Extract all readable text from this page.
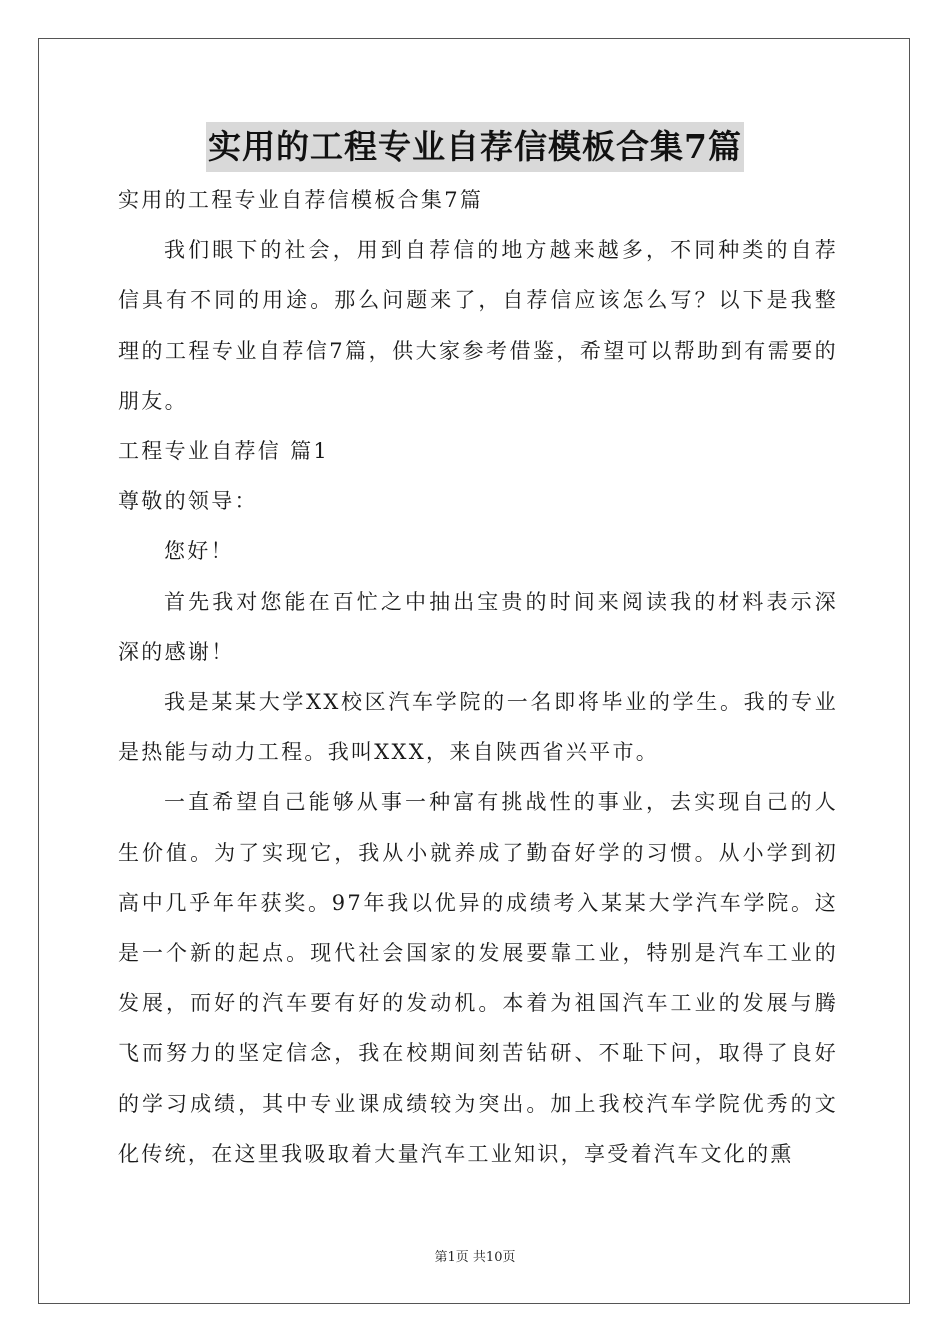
实用的工程专业自荐信模板合集7篇

实用的工程专业自荐信模板合集7篇

我们眼下的社会，用到自荐信的地方越来越多，不同种类的自荐信具有不同的用途。那么问题来了，自荐信应该怎么写？以下是我整理的工程专业自荐信7篇，供大家参考借鉴，希望可以帮助到有需要的朋友。

工程专业自荐信 篇1

尊敬的领导：

您好！

首先我对您能在百忙之中抽出宝贵的时间来阅读我的材料表示深深的感谢！

我是某某大学XX校区汽车学院的一名即将毕业的学生。我的专业是热能与动力工程。我叫XXX，来自陕西省兴平市。

一直希望自己能够从事一种富有挑战性的事业，去实现自己的人生价值。为了实现它，我从小就养成了勤奋好学的习惯。从小学到初高中几乎年年获奖。97年我以优异的成绩考入某某大学汽车学院。这是一个新的起点。现代社会国家的发展要靠工业，特别是汽车工业的发展，而好的汽车要有好的发动机。本着为祖国汽车工业的发展与腾飞而努力的坚定信念，我在校期间刻苦钻研、不耻下问，取得了良好的学习成绩，其中专业课成绩较为突出。加上我校汽车学院优秀的文化传统，在这里我吸取着大量汽车工业知识，享受着汽车文化的熏

第1页 共10页
